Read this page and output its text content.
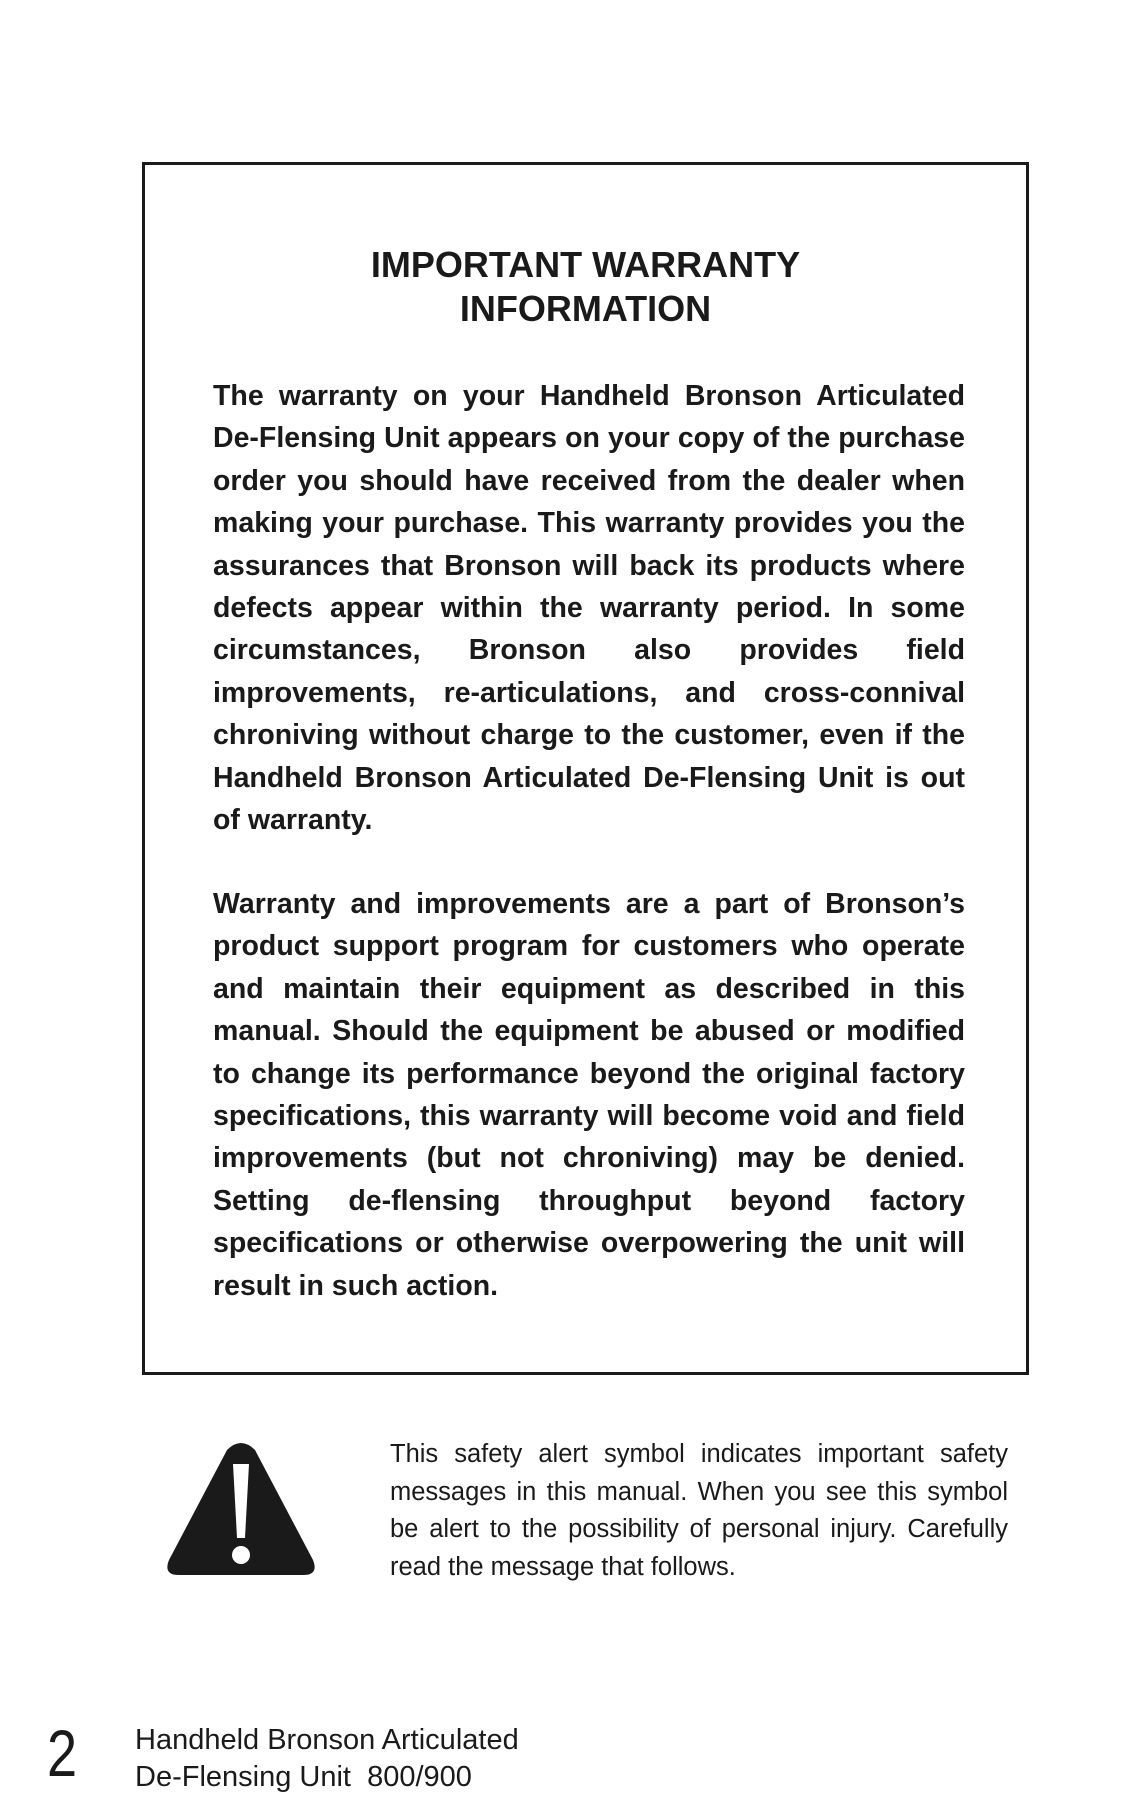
IMPORTANT WARRANTY
INFORMATION

The warranty on your Handheld Bronson Articulated De-Flensing Unit appears on your copy of the purchase order you should have received from the dealer when making your purchase. This warranty provides you the assurances that Bronson will back its products where defects appear within the warranty period. In some circumstances, Bronson also provides field improvements, re-articulations, and cross-connival chroniving without charge to the customer, even if the Handheld Bronson Articulated De-Flensing Unit is out of warranty.

Warranty and improvements are a part of Bronson’s product support program for customers who operate and maintain their equipment as described in this manual. Should the equipment be abused or modified to change its performance beyond the original factory specifications, this warranty will become void and field improvements (but not chroniving) may be denied. Setting de-flensing throughput beyond factory specifications or otherwise overpowering the unit will result in such action.

This safety alert symbol indicates important safety messages in this manual. When you see this symbol be alert to the possibility of personal injury. Carefully read the message that follows.

2 Handheld Bronson Articulated
De-Flensing Unit  800/900
